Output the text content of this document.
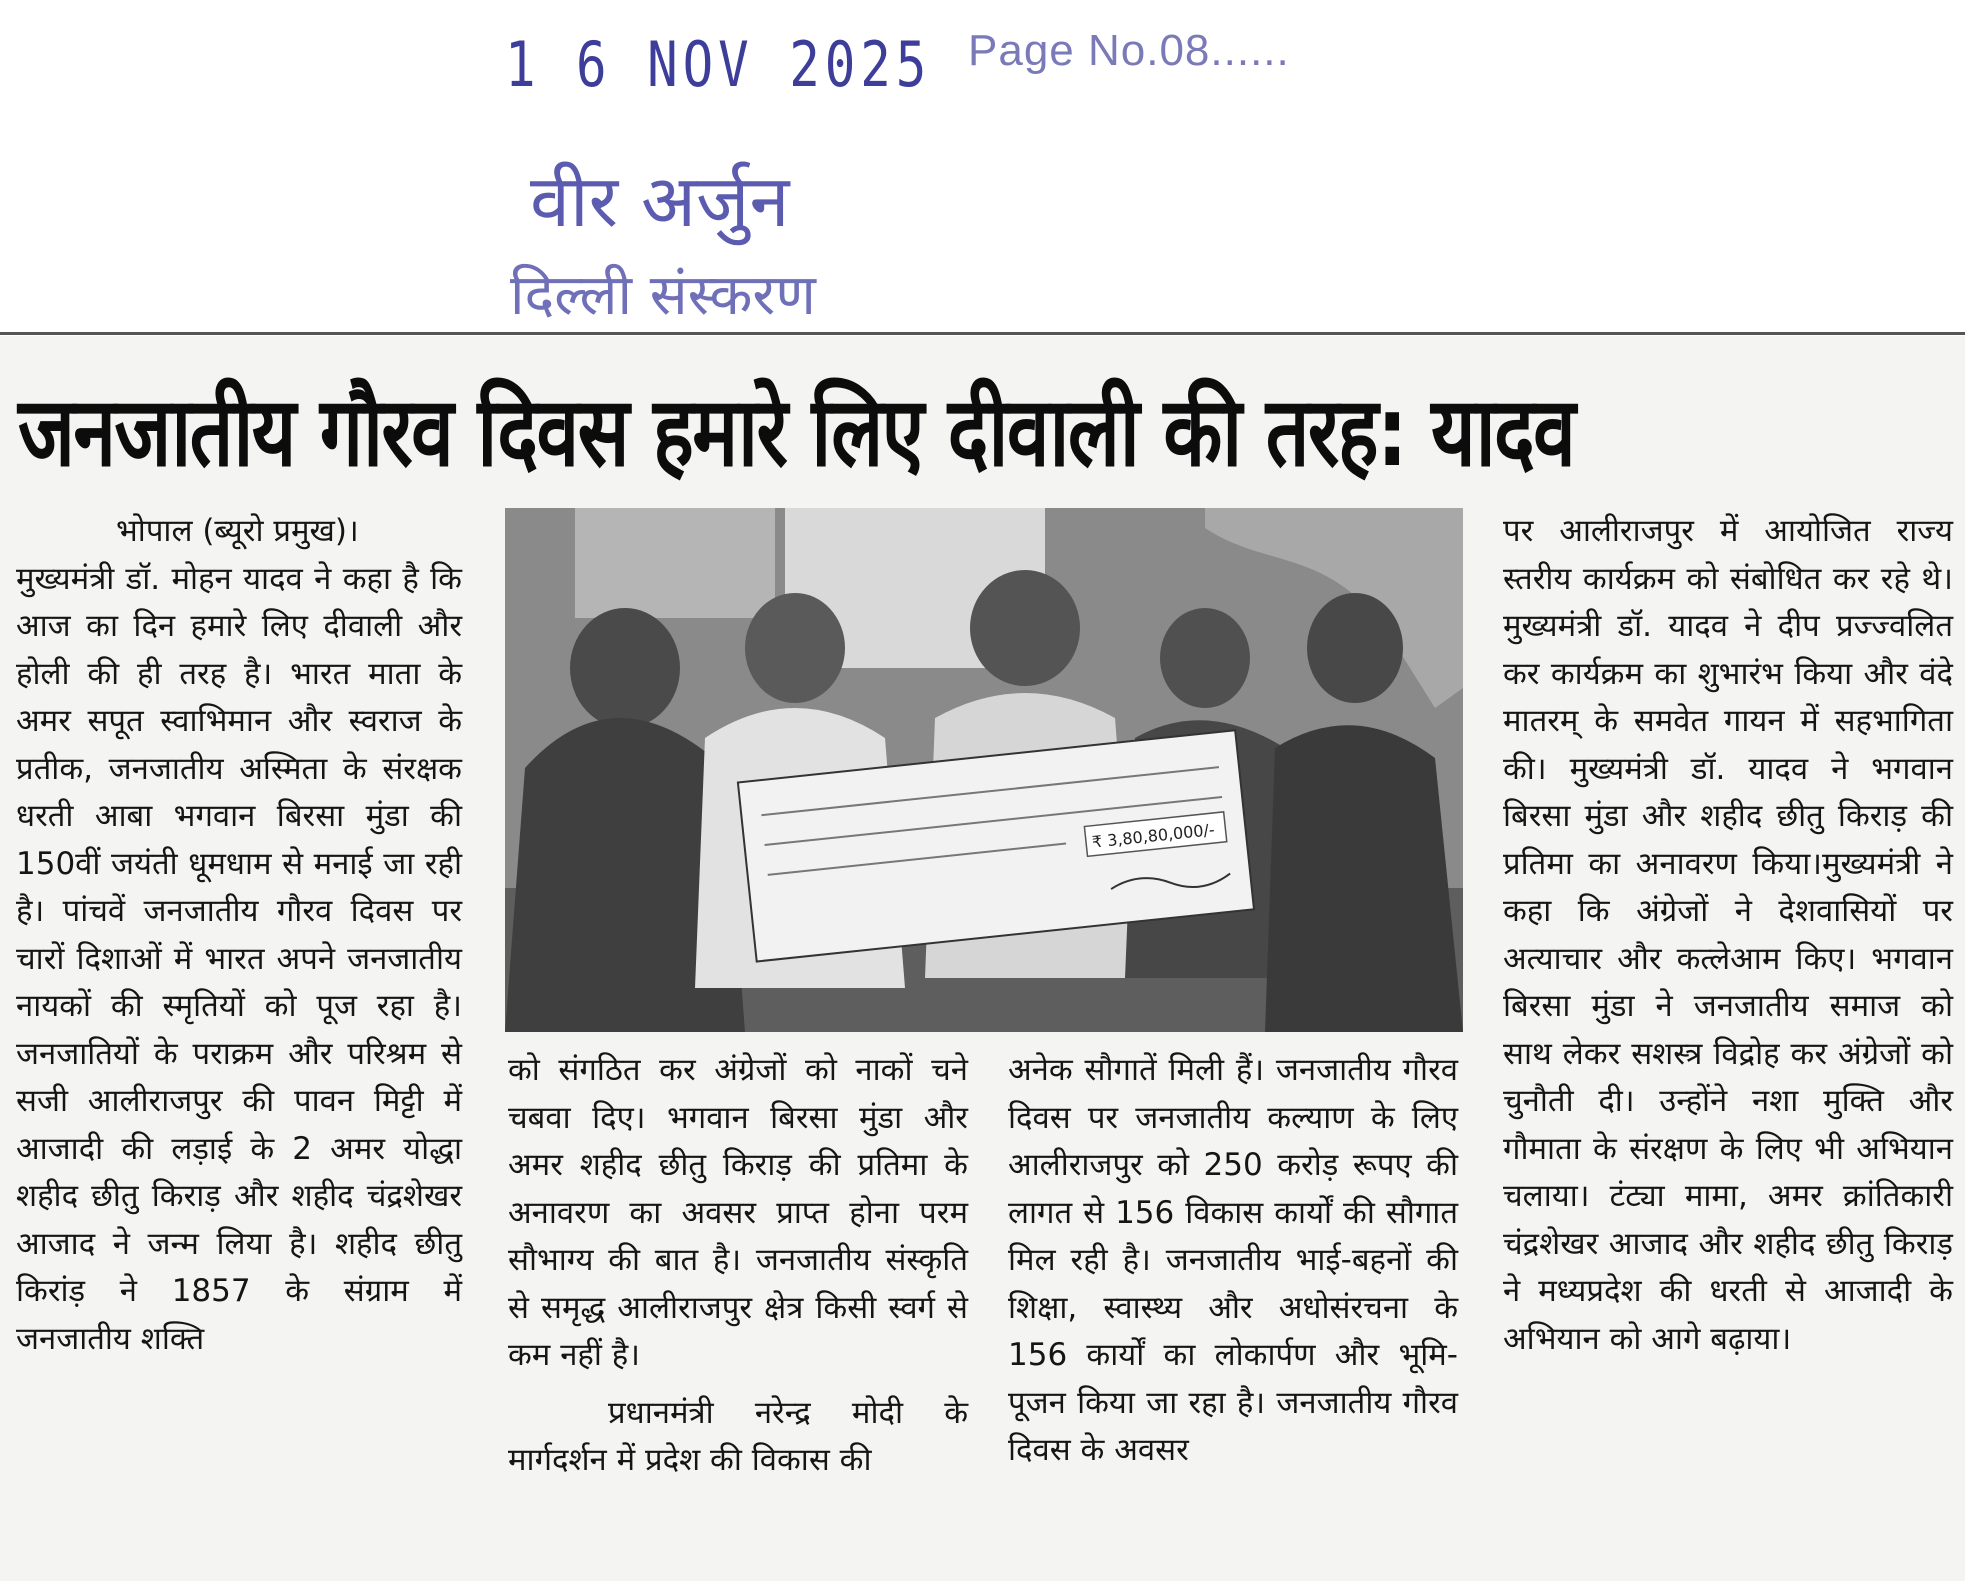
1 6 NOV 2025 Page No.08......
वीर अर्जुन
दिल्ली संस्करण
जनजातीय गौरव दिवस हमारे लिए दीवाली की तरह: यादव

भोपाल (ब्यूरो प्रमुख)।

मुख्यमंत्री डॉ. मोहन यादव ने कहा है कि आज का दिन हमारे लिए दीवाली और होली की ही तरह है। भारत माता के अमर सपूत स्वाभिमान और स्वराज के प्रतीक, जनजातीय अस्मिता के संरक्षक धरती आबा भगवान बिरसा मुंडा की 150वीं जयंती धूमधाम से मनाई जा रही है। पांचवें जनजातीय गौरव दिवस पर चारों दिशाओं में भारत अपने जनजातीय नायकों की स्मृतियों को पूज रहा है। जनजातियों के पराक्रम और परिश्रम से सजी आलीराजपुर की पावन मिट्टी में आजादी की लड़ाई के 2 अमर योद्धा शहीद छीतु किराड़ और शहीद चंद्रशेखर आजाद ने जन्म लिया है। शहीद छीतु किरांड़ ने 1857 के संग्राम में जनजातीय शक्ति

₹ 3,80,80,000/-

को संगठित कर अंग्रेजों को नाकों चने चबवा दिए। भगवान बिरसा मुंडा और अमर शहीद छीतु किराड़ की प्रतिमा के अनावरण का अवसर प्राप्त होना परम सौभाग्य की बात है। जनजातीय संस्कृति से समृद्ध आलीराजपुर क्षेत्र किसी स्वर्ग से कम नहीं है।

प्रधानमंत्री नरेन्द्र मोदी के मार्गदर्शन में प्रदेश की विकास की

अनेक सौगातें मिली हैं। जनजातीय गौरव दिवस पर जनजातीय कल्याण के लिए आलीराजपुर को 250 करोड़ रूपए की लागत से 156 विकास कार्यों की सौगात मिल रही है। जनजातीय भाई-बहनों की शिक्षा, स्वास्थ्य और अधोसंरचना के 156 कार्यों का लोकार्पण और भूमि-पूजन किया जा रहा है। जनजातीय गौरव दिवस के अवसर

पर आलीराजपुर में आयोजित राज्य स्तरीय कार्यक्रम को संबोधित कर रहे थे। मुख्यमंत्री डॉ. यादव ने दीप प्रज्ज्वलित कर कार्यक्रम का शुभारंभ किया और वंदे मातरम् के समवेत गायन में सहभागिता की। मुख्यमंत्री डॉ. यादव ने भगवान बिरसा मुंडा और शहीद छीतु किराड़ की प्रतिमा का अनावरण किया।मुख्यमंत्री ने कहा कि अंग्रेजों ने देशवासियों पर अत्याचार और कत्लेआम किए। भगवान बिरसा मुंडा ने जनजातीय समाज को साथ लेकर सशस्त्र विद्रोह कर अंग्रेजों को चुनौती दी। उन्होंने नशा मुक्ति और गौमाता के संरक्षण के लिए भी अभियान चलाया। टंट्या मामा, अमर क्रांतिकारी चंद्रशेखर आजाद और शहीद छीतु किराड़ ने मध्यप्रदेश की धरती से आजादी के अभियान को आगे बढ़ाया।
